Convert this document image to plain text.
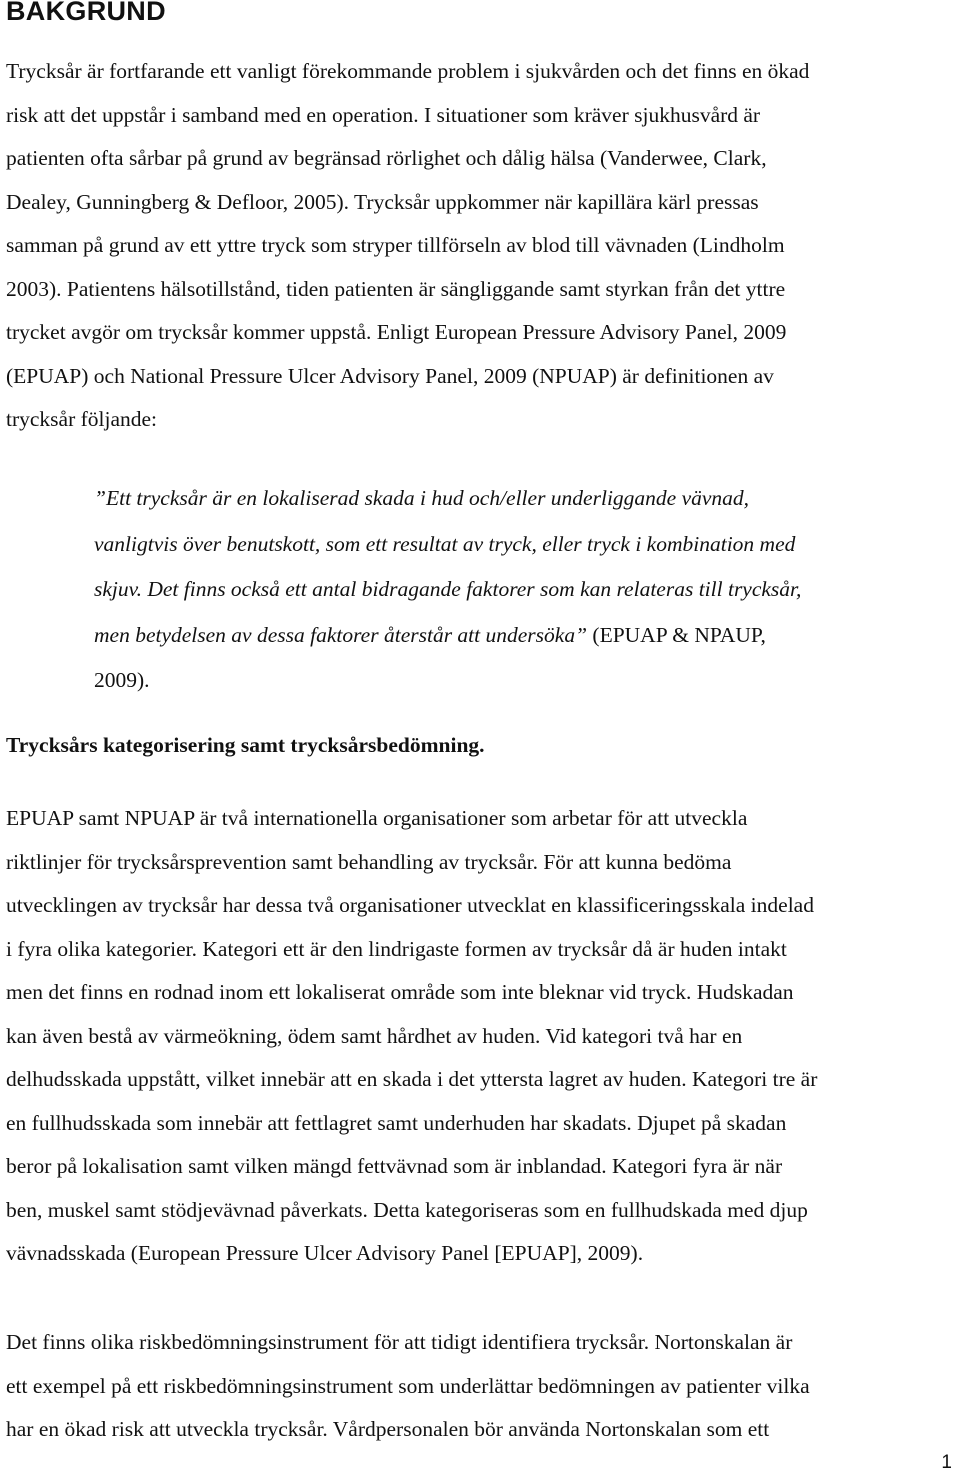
BAKGRUND

Trycksår är fortfarande ett vanligt förekommande problem i sjukvården och det finns en ökad
risk att det uppstår i samband med en operation. I situationer som kräver sjukhusvård är
patienten ofta sårbar på grund av begränsad rörlighet och dålig hälsa (Vanderwee, Clark,
Dealey, Gunningberg & Defloor, 2005). Trycksår uppkommer när kapillära kärl pressas
samman på grund av ett yttre tryck som stryper tillförseln av blod till vävnaden (Lindholm
2003). Patientens hälsotillstånd, tiden patienten är sängliggande samt styrkan från det yttre
trycket avgör om trycksår kommer uppstå. Enligt European Pressure Advisory Panel, 2009
(EPUAP) och National Pressure Ulcer Advisory Panel, 2009 (NPUAP) är definitionen av
trycksår följande:

”Ett trycksår är en lokaliserad skada i hud och/eller underliggande vävnad,
vanligtvis över benutskott, som ett resultat av tryck, eller tryck i kombination med
skjuv. Det finns också ett antal bidragande faktorer som kan relateras till trycksår,
men betydelsen av dessa faktorer återstår att undersöka” (EPUAP & NPAUP,
2009).

Trycksårs kategorisering samt trycksårsbedömning.

EPUAP samt NPUAP är två internationella organisationer som arbetar för att utveckla
riktlinjer för trycksårsprevention samt behandling av trycksår. För att kunna bedöma
utvecklingen av trycksår har dessa två organisationer utvecklat en klassificeringsskala indelad
i fyra olika kategorier. Kategori ett är den lindrigaste formen av trycksår då är huden intakt
men det finns en rodnad inom ett lokaliserat område som inte bleknar vid tryck. Hudskadan
kan även bestå av värmeökning, ödem samt hårdhet av huden. Vid kategori två har en
delhudsskada uppstått, vilket innebär att en skada i det yttersta lagret av huden. Kategori tre är
en fullhudsskada som innebär att fettlagret samt underhuden har skadats. Djupet på skadan
beror på lokalisation samt vilken mängd fettvävnad som är inblandad. Kategori fyra är när
ben, muskel samt stödjevävnad påverkats. Detta kategoriseras som en fullhudskada med djup
vävnadsskada (European Pressure Ulcer Advisory Panel [EPUAP], 2009).

Det finns olika riskbedömningsinstrument för att tidigt identifiera trycksår. Nortonskalan är
ett exempel på ett riskbedömningsinstrument som underlättar bedömningen av patienter vilka
har en ökad risk att utveckla trycksår. Vårdpersonalen bör använda Nortonskalan som ett

1
